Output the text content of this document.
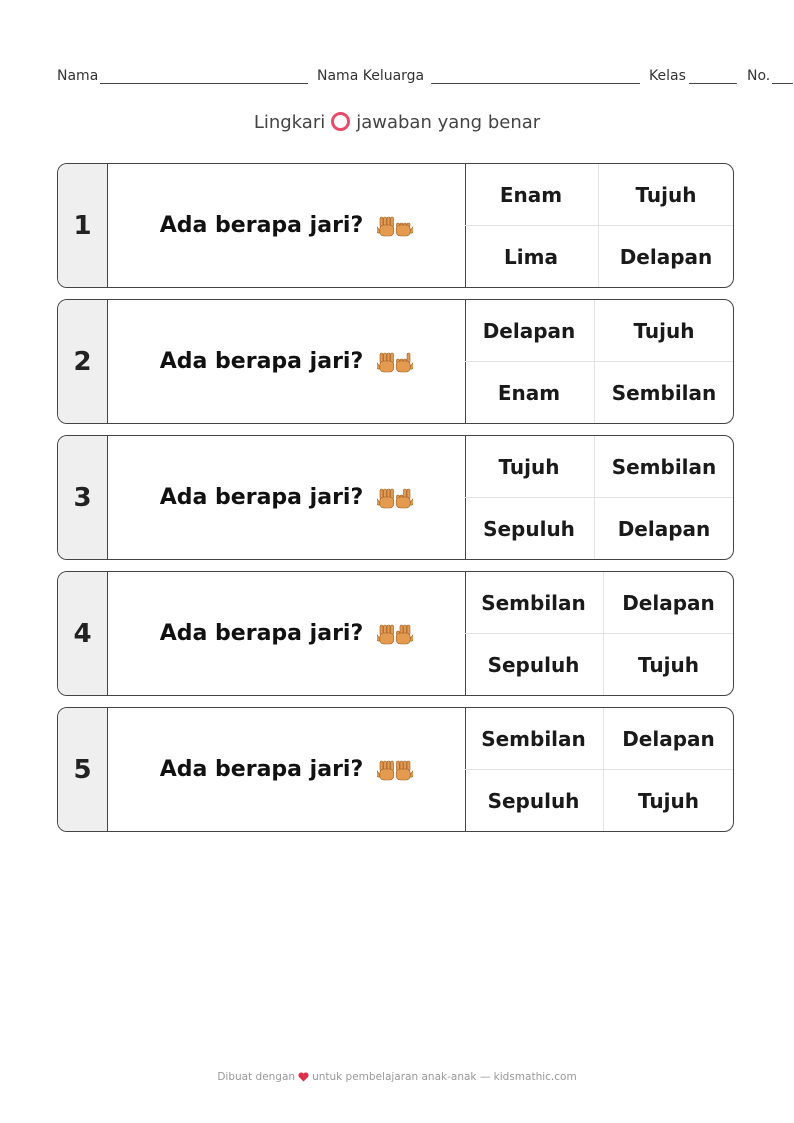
Nama	Nama Keluarga	Kelas	No.
Lingkari jawaban yang benar
1	Ada berapa jari?
Enam	Tujuh
Lima	Delapan
2	Ada berapa jari?
Delapan	Tujuh
Enam	Sembilan
3	Ada berapa jari?
Tujuh	Sembilan
Sepuluh	Delapan
4	Ada berapa jari?
Sembilan	Delapan
Sepuluh	Tujuh
5	Ada berapa jari?
Sembilan	Delapan
Sepuluh	Tujuh
Dibuat dengan untuk pembelajaran anak-anak — kidsmathic.com
